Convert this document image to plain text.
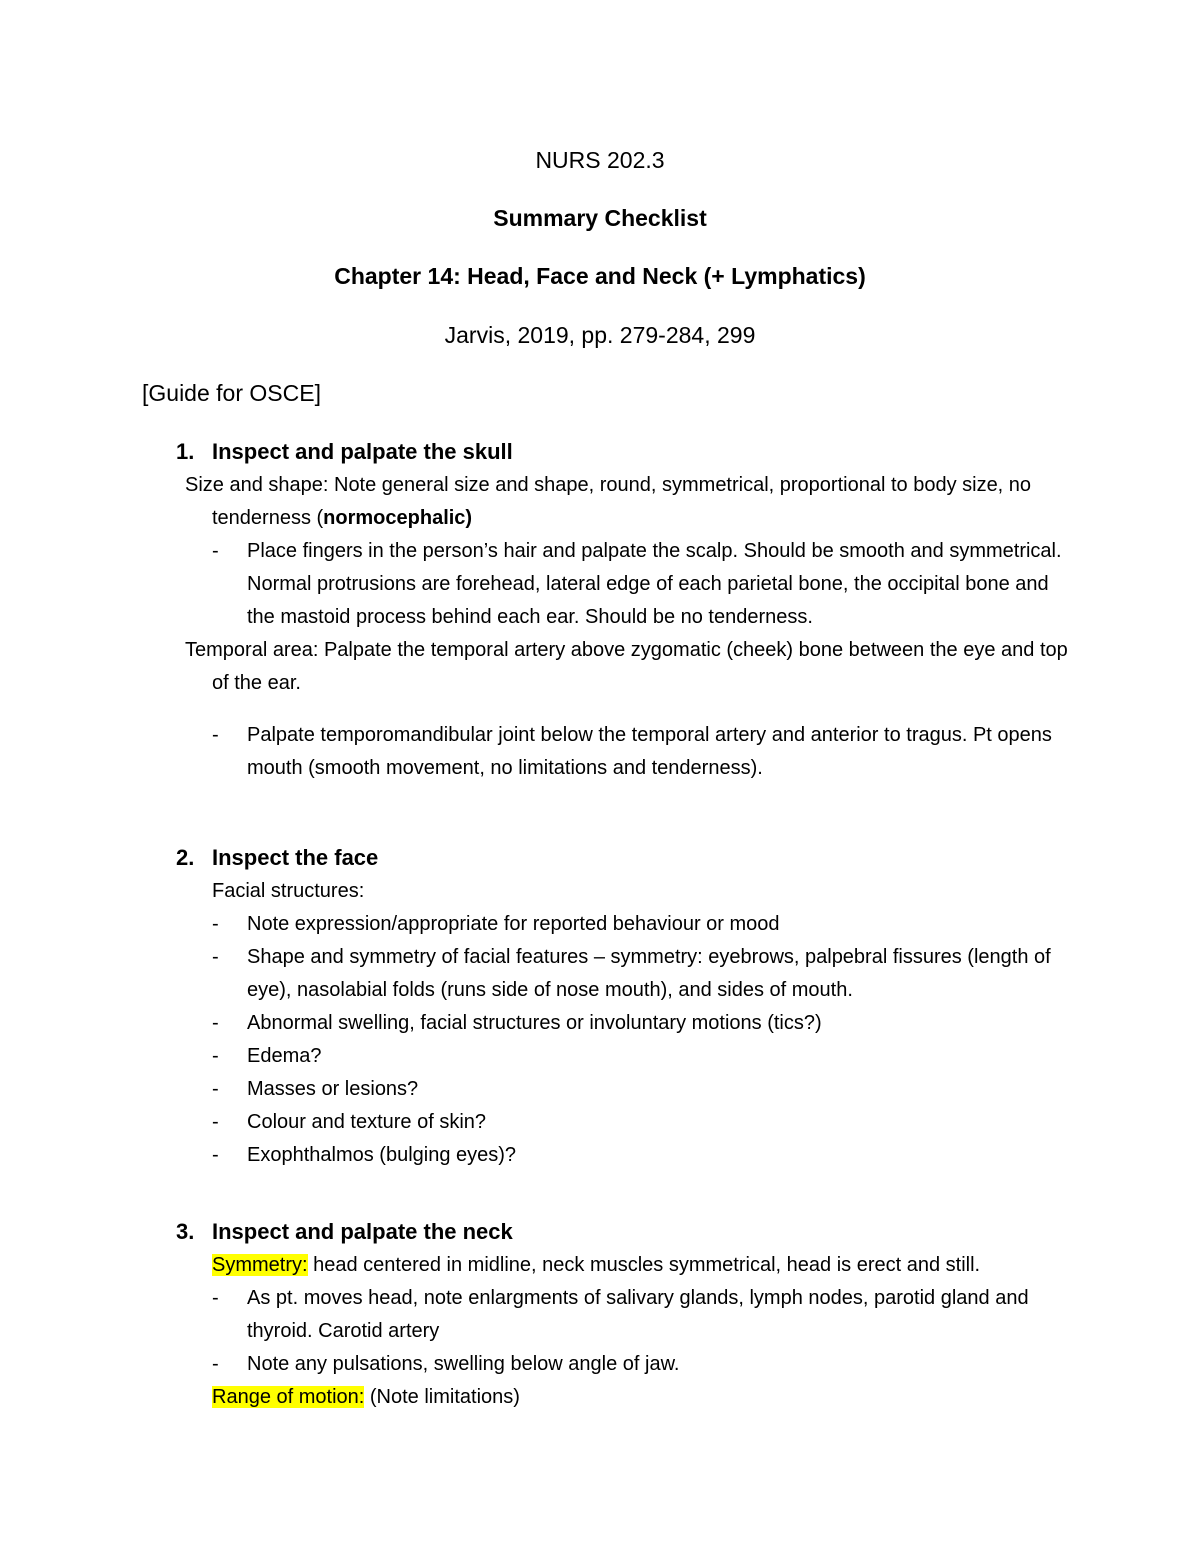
NURS 202.3
Summary Checklist
Chapter 14: Head, Face and Neck (+ Lymphatics)
Jarvis, 2019, pp. 279-284, 299
[Guide for OSCE]
1. Inspect and palpate the skull

Size and shape: Note general size and shape, round, symmetrical, proportional to body size, no tenderness (normocephalic)

- Place fingers in the person’s hair and palpate the scalp. Should be smooth and symmetrical. Normal protrusions are forehead, lateral edge of each parietal bone, the occipital bone and the mastoid process behind each ear. Should be no tenderness.

Temporal area: Palpate the temporal artery above zygomatic (cheek) bone between the eye and top of the ear.

- Palpate temporomandibular joint below the temporal artery and anterior to tragus. Pt opens mouth (smooth movement, no limitations and tenderness).
2. Inspect the face

Facial structures:

- Note expression/appropriate for reported behaviour or mood
- Shape and symmetry of facial features – symmetry: eyebrows, palpebral fissures (length of eye), nasolabial folds (runs side of nose mouth), and sides of mouth.
- Abnormal swelling, facial structures or involuntary motions (tics?)
- Edema?
- Masses or lesions?
- Colour and texture of skin?
- Exophthalmos (bulging eyes)?
3. Inspect and palpate the neck

Symmetry: head centered in midline, neck muscles symmetrical, head is erect and still.

- As pt. moves head, note enlargments of salivary glands, lymph nodes, parotid gland and thyroid. Carotid artery
- Note any pulsations, swelling below angle of jaw.

Range of motion: (Note limitations)
